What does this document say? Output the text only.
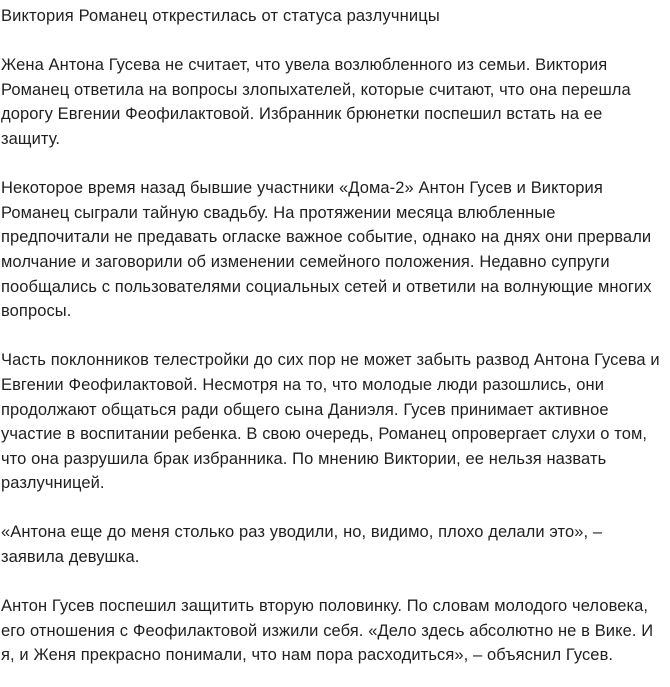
Виктория Романец открестилась от статуса разлучницы

Жена Антона Гусева не считает, что увела возлюбленного из семьи. Виктория Романец ответила на вопросы злопыхателей, которые считают, что она перешла дорогу Евгении Феофилактовой. Избранник брюнетки поспешил встать на ее защиту.

Некоторое время назад бывшие участники «Дома-2» Антон Гусев и Виктория Романец сыграли тайную свадьбу. На протяжении месяца влюбленные предпочитали не предавать огласке важное событие, однако на днях они прервали молчание и заговорили об изменении семейного положения. Недавно супруги пообщались с пользователями социальных сетей и ответили на волнующие многих вопросы.

Часть поклонников телестройки до сих пор не может забыть развод Антона Гусева и Евгении Феофилактовой. Несмотря на то, что молодые люди разошлись, они продолжают общаться ради общего сына Даниэля. Гусев принимает активное участие в воспитании ребенка. В свою очередь, Романец опровергает слухи о том, что она разрушила брак избранника. По мнению Виктории, ее нельзя назвать разлучницей.

«Антона еще до меня столько раз уводили, но, видимо, плохо делали это», – заявила девушка.

Антон Гусев поспешил защитить вторую половинку. По словам молодого человека, его отношения с Феофилактовой изжили себя. «Дело здесь абсолютно не в Вике. И я, и Женя прекрасно понимали, что нам пора расходиться», – объяснил Гусев.
